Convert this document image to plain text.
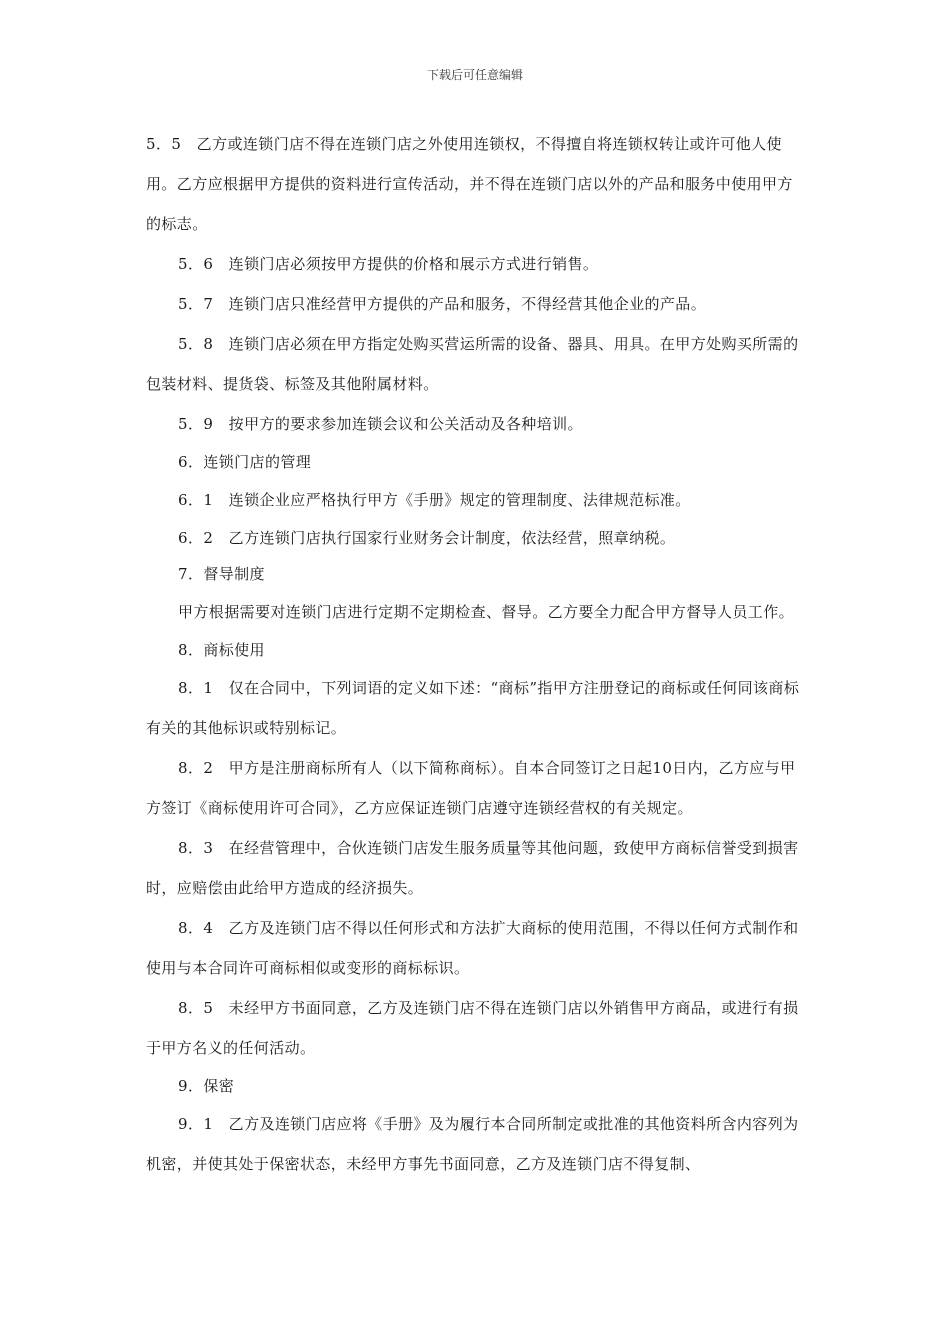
下载后可任意编辑

5．5　乙方或连锁门店不得在连锁门店之外使用连锁权，不得擅自将连锁权转让或许可他人使用。乙方应根据甲方提供的资料进行宣传活动，并不得在连锁门店以外的产品和服务中使用甲方的标志。

5．6　连锁门店必须按甲方提供的价格和展示方式进行销售。

5．7　连锁门店只准经营甲方提供的产品和服务，不得经营其他企业的产品。

5．8　连锁门店必须在甲方指定处购买营运所需的设备、器具、用具。在甲方处购买所需的包装材料、提货袋、标签及其他附属材料。

5．9　按甲方的要求参加连锁会议和公关活动及各种培训。

6．连锁门店的管理

6．1　连锁企业应严格执行甲方《手册》规定的管理制度、法律规范标准。

6．2　乙方连锁门店执行国家行业财务会计制度，依法经营，照章纳税。

7．督导制度

甲方根据需要对连锁门店进行定期不定期检查、督导。乙方要全力配合甲方督导人员工作。

8．商标使用

8．1　仅在合同中，下列词语的定义如下述：“商标”指甲方注册登记的商标或任何同该商标有关的其他标识或特别标记。

8．2　甲方是注册商标所有人（以下简称商标）。自本合同签订之日起10日内，乙方应与甲方签订《商标使用许可合同》，乙方应保证连锁门店遵守连锁经营权的有关规定。

8．3　在经营管理中，合伙连锁门店发生服务质量等其他问题，致使甲方商标信誉受到损害时，应赔偿由此给甲方造成的经济损失。

8．4　乙方及连锁门店不得以任何形式和方法扩大商标的使用范围，不得以任何方式制作和使用与本合同许可商标相似或变形的商标标识。

8．5　未经甲方书面同意，乙方及连锁门店不得在连锁门店以外销售甲方商品，或进行有损于甲方名义的任何活动。

9．保密

9．1　乙方及连锁门店应将《手册》及为履行本合同所制定或批准的其他资料所含内容列为机密，并使其处于保密状态，未经甲方事先书面同意，乙方及连锁门店不得复制、
